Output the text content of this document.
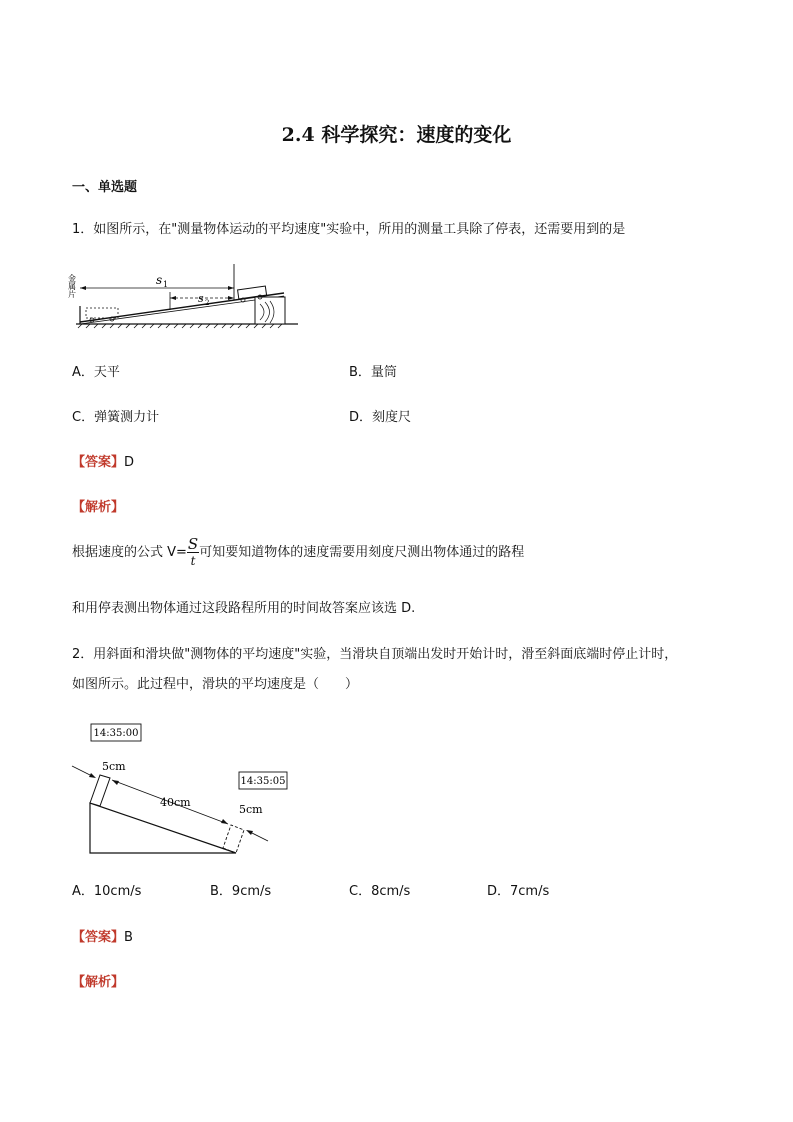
2.4 科学探究：速度的变化
一、单选题
1．如图所示，在"测量物体运动的平均速度"实验中，所用的测量工具除了停表，还需要用到的是
s 1
s 2
金属片
A．天平	B．量筒
C．弹簧测力计	D．刻度尺
【答案】D
【解析】
根据速度的公式 $V= \frac{S}{t}$ 可知要知道物体的速度需要用刻度尺测出物体通过的路程
和用停表测出物体通过这段路程所用的时间故答案应该选 D.
2．用斜面和滑块做"测物体的平均速度"实验，当滑块自顶端出发时开始计时，滑至斜面底端时停止计时，
如图所示。此过程中，滑块的平均速度是（　　）
14:35:00
14:35:05
5cm
40cm
5cm
A．10cm/s	B．9cm/s	C．8cm/s	D．7cm/s
【答案】B
【解析】
